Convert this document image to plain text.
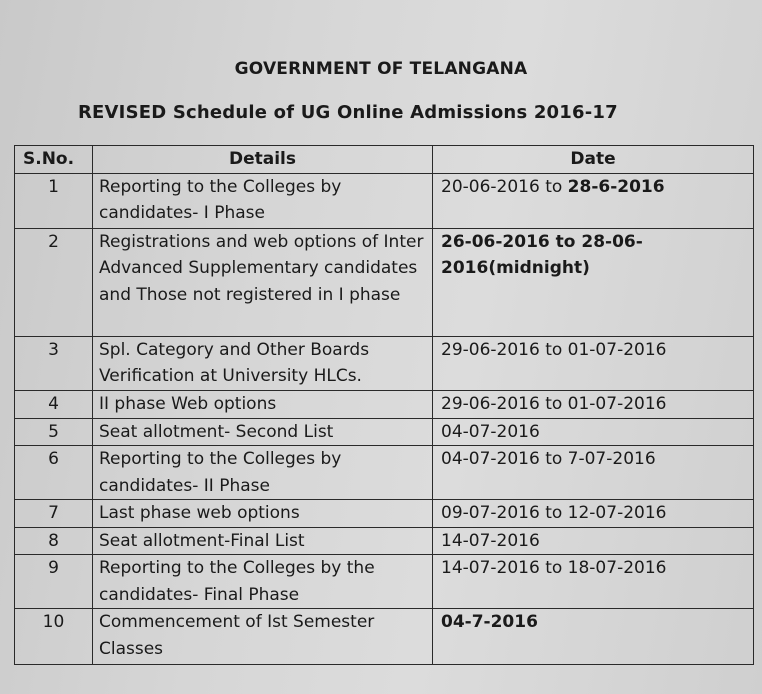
GOVERNMENT OF TELANGANA
REVISED Schedule of UG Online Admissions 2016-17
S.No.	Details	Date
1	Reporting to the Colleges by candidates- I Phase	20-06-2016 to 28-6-2016
2	Registrations and web options of Inter Advanced Supplementary candidates and Those not registered in I phase	26-06-2016 to 28-06-2016(midnight)
3	Spl. Category and Other Boards Verification at University HLCs.	29-06-2016 to 01-07-2016
4	II phase Web options	29-06-2016 to 01-07-2016
5	Seat allotment- Second List	04-07-2016
6	Reporting to the Colleges by candidates- II Phase	04-07-2016 to 7-07-2016
7	Last phase web options	09-07-2016 to 12-07-2016
8	Seat allotment-Final List	14-07-2016
9	Reporting to the Colleges by the candidates- Final Phase	14-07-2016 to 18-07-2016
10	Commencement of Ist Semester Classes	04-7-2016
